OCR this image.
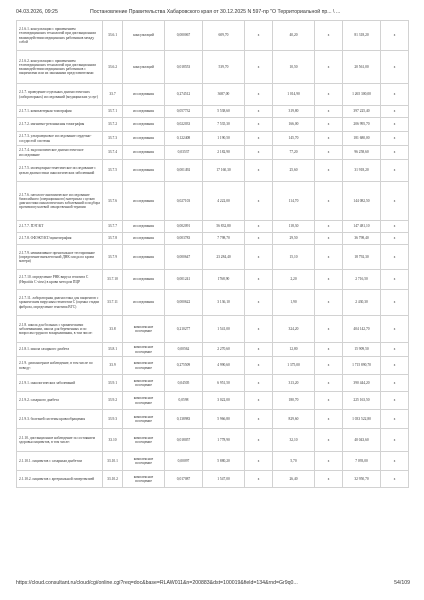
04.03.2026, 09:25	Постановление Правительства Хабаровского края от 30.12.2025 N 597-пр "О Территориальной пр... \ ...
2.1.6.1. консультации с применением телемедицинских технологий при дистанционном взаимодействии медицинских работников между собой	33.6.1	консультаций	0,000067	609,70	x	40,20	x	81 318,20	x
2.1.6.2. консультации с применением телемедицинских технологий при дистанционном взаимодействии медицинских работников с пациентами или их законными представителями	33.6.2	консультаций	0,018553	539,70	x	10,50	x	20 561,00	x
2.1.7. проведение отдельных диагностических (лабораторных) исследований (медицинских услуг)	33.7	исследования	0,274512	3687,00	x	1 014,90	x	1 265 300,00	x
2.1.7.1. компьютерная томография	33.7.1	исследования	0,057732	5 538,60	x	319,80	x	397 225,40	x
2.1.7.2. магнитно-резонансная томография	33.7.2	исследования	0,022033	7 535,30	x	166,00	x	206 995,70	x
2.1.7.3. ультразвуковое исследование сердечно-сосудистой системы	33.7.3	исследования	0,122408	1 190,50	x	145,70	x	181 680,00	x
2.1.7.4. эндоскопическое диагностическое исследование	33.7.4	исследования	0,03537	2 182,90	x	77,20	x	96 258,60	x
2.1.7.5. молекулярно-генетическое исследование с целью диагностики онкологических заболеваний	33.7.5	исследования	0,001492	17 160,30	x	25,60	x	31 918,20	x
2.1.7.6. патолого-анатомическое исследование биопсийного (операционного) материала с целью диагностики онкологических заболеваний и подбора противоопухолевой лекарственной терапии	33.7.6	исследования	0,027103	4 222,00	x	114,70	x	144 082,50	x
2.1.7.7. ПЭТ/КТ	33.7.7	исследования	0,002091	56 832,80	x	118,30	x	147 481,10	x
2.1.7.8. ОФЭКТ/КТ/сцинтиграфия	33.7.8	исследования	0,003783	7 798,70	x	29,50	x	36 798,40	x
2.1.7.9. неинвазивное пренатальное тестирование (определение внеклеточной ДНК плода по крови матери)	33.7.9	исследования	0,000647	23 284,40	x	15,10	x	18 792,30	x
2.1.7.10. определение РНК вируса гепатита C (Hepatitis C virus) в крови методом ПЦР	33.7.10	исследования	0,001241	1768,90	x	2,20	x	2 716,50	x
2.1.7.11. лабораторная диагностика для пациентов с хроническим вирусным гепатитом C (оценка стадии фиброза, определение генотипа ВГС)	33.7.11	исследования	0,000622	3 136,10	x	1,90	x	2 430,30	x
2.1.8. школа для больных с хроническими заболеваниями, школа для беременных и по вопросам грудного вскармливания, в том числе:	33.8	комплексное посещение	0,210277	1 541,00	x	324,20	x	404 142,70	x
2.1.8.1. школа сахарного диабета	33.8.1	комплексное посещение	0,00562	2 270,60	x	12,80	x	15 909,50	x
2.1.9. диспансерное наблюдение, в том числе по поводу:	33.9	комплексное посещение	0,275509	4 990,60	x	1 375,00	x	1 715 890,70	x
2.1.9.1. онкологических заболеваний	33.9.1	комплексное посещение	0,04505	6 951,50	x	313,20	x	390 444,20	x
2.1.9.2. сахарного диабета	33.9.2	комплексное посещение	0,0598	3 022,00	x	180,70	x	225 163,50	x
2.1.9.3. болезней системы кровообращения	33.9.3	комплексное посещение	0,138983	5 966,80	x	829,60	x	1 033 522,80	x
2.1.10. дистанционное наблюдение за состоянием здоровья пациентов, в том числе:	33.10	комплексное посещение	0,018057	1 778,90	x	32,10	x	40 043,60	x
2.1.10.1. пациентов с сахарным диабетом	33.10.1	комплексное посещение	0,00097	5 880,20	x	5,70	x	7 093,00	x
2.1.10.2. пациентов с артериальной гипертензией	33.10.2	комплексное посещение	0,017087	1 547,00	x	26,40	x	32 950,70	x
https://cloud.consultant.ru/cloud/cgi/online.cgi?req=doc&base=RLAW011&n=200883&dst=100019&field=134&rnd=Gr9q0...	54/109
